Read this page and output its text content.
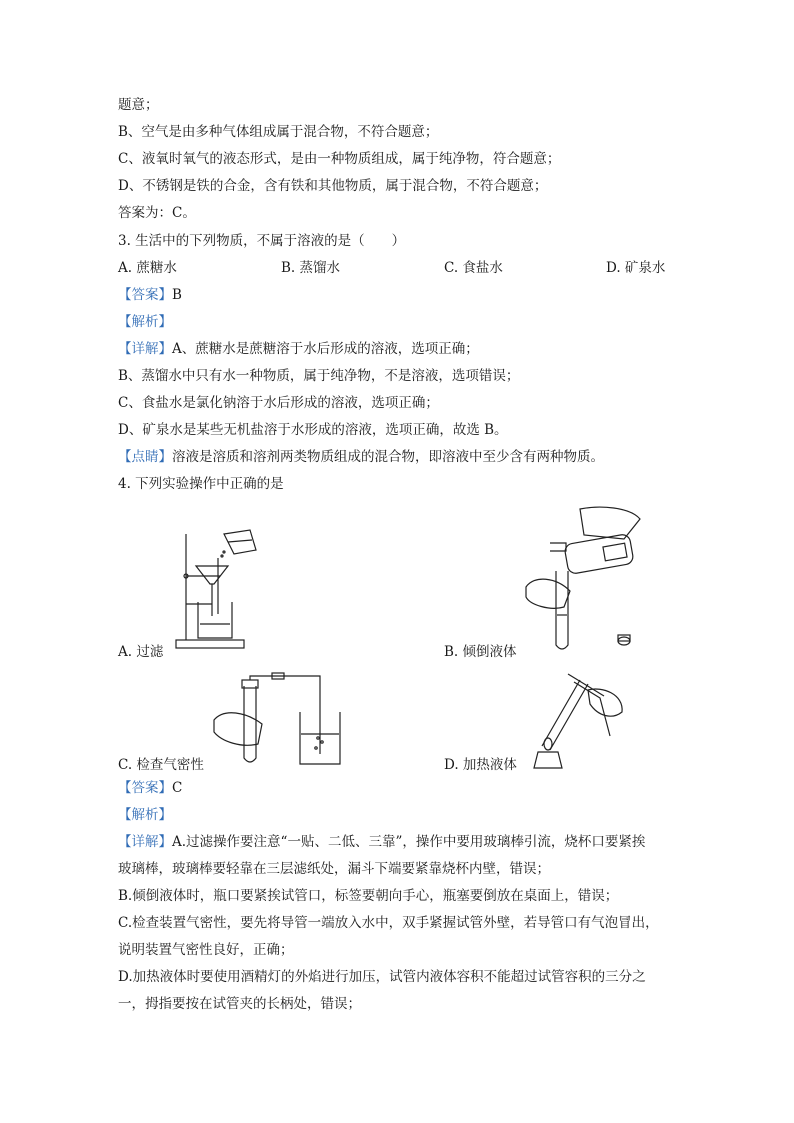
题意；
B、空气是由多种气体组成属于混合物，不符合题意；
C、液氧时氧气的液态形式，是由一种物质组成，属于纯净物，符合题意；
D、不锈钢是铁的合金，含有铁和其他物质，属于混合物，不符合题意；
答案为：C。
3. 生活中的下列物质，不属于溶液的是（　　）
A. 蔗糖水	B. 蒸馏水	C. 食盐水	D. 矿泉水
【答案】B
【解析】
【详解】A、蔗糖水是蔗糖溶于水后形成的溶液，选项正确；
B、蒸馏水中只有水一种物质，属于纯净物，不是溶液，选项错误；
C、食盐水是氯化钠溶于水后形成的溶液，选项正确；
D、矿泉水是某些无机盐溶于水形成的溶液，选项正确，故选 B。
【点睛】溶液是溶质和溶剂两类物质组成的混合物，即溶液中至少含有两种物质。
4. 下列实验操作中正确的是
A. 过滤	B. 倾倒液体
C. 检查气密性	D. 加热液体
【答案】C
【解析】
【详解】A.过滤操作要注意“一贴、二低、三靠”，操作中要用玻璃棒引流，烧杯口要紧挨
玻璃棒，玻璃棒要轻靠在三层滤纸处，漏斗下端要紧靠烧杯内壁，错误；
B.倾倒液体时，瓶口要紧挨试管口，标签要朝向手心，瓶塞要倒放在桌面上，错误；
C.检查装置气密性，要先将导管一端放入水中，双手紧握试管外壁，若导管口有气泡冒出，
说明装置气密性良好，正确；
D.加热液体时要使用酒精灯的外焰进行加压，试管内液体容积不能超过试管容积的三分之
一，拇指要按在试管夹的长柄处，错误；
